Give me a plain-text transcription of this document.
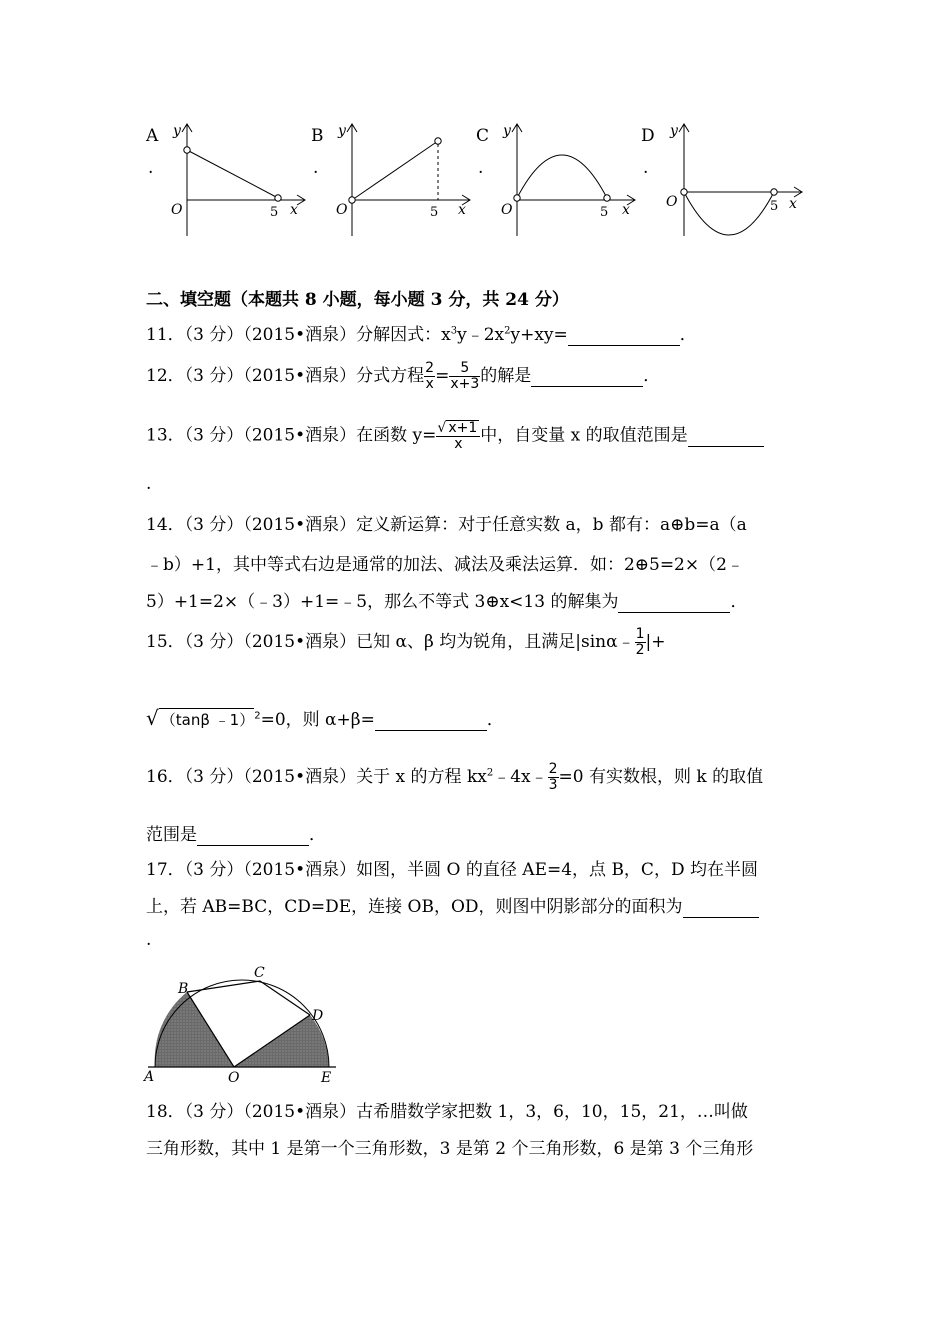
A
.
B
.
C
.
D
.
y
x
O	5
y
x
O	5
y
x
O	5
y
x
O	5
二、填空题（本题共 8 小题，每小题 3 分，共 24 分）
11．（3 分）（2015•酒泉）分解因式：$x^3y﹣2x^2y+xy=$	．
12．（3 分）（2015•酒泉）分式方程 $\frac{2}{x} = \frac{5}{x+3}$ 的解是	．
13．（3 分）（2015•酒泉）在函数 $y= \frac{√ x+1}{x}$ 中，自变量 x 的取值范围是
.
14．（3 分）（2015•酒泉）定义新运算：对于任意实数 a，b 都有：a⊕b=a（a
﹣b）+1，其中等式右边是通常的加法、减法及乘法运算．如：2⊕5=2×（2﹣
5）+1=2×（﹣3）+1=﹣5，那么不等式 3⊕x<13 的解集为	．
15．（3 分）（2015•酒泉）已知 α、β 均为锐角，且满足|sinα﹣ $\frac{1}{2}$ |+
√ （tanβ ﹣1）$^2$=0，则 α+β=	．
16．（3 分）（2015•酒泉）关于 x 的方程 $kx^2﹣4x﹣ \frac{2}{3} =0$ 有实数根，则 k 的取值
范围是	．
17．（3 分）（2015•酒泉）如图，半圆 O 的直径 AE=4，点 B，C，D 均在半圆
上，若 AB=BC，CD=DE，连接 OB，OD，则图中阴影部分的面积为
.
A
B
C
D
E
O
18．（3 分）（2015•酒泉）古希腊数学家把数 1，3，6，10，15，21，…叫做
三角形数，其中 1 是第一个三角形数，3 是第 2 个三角形数，6 是第 3 个三角形
